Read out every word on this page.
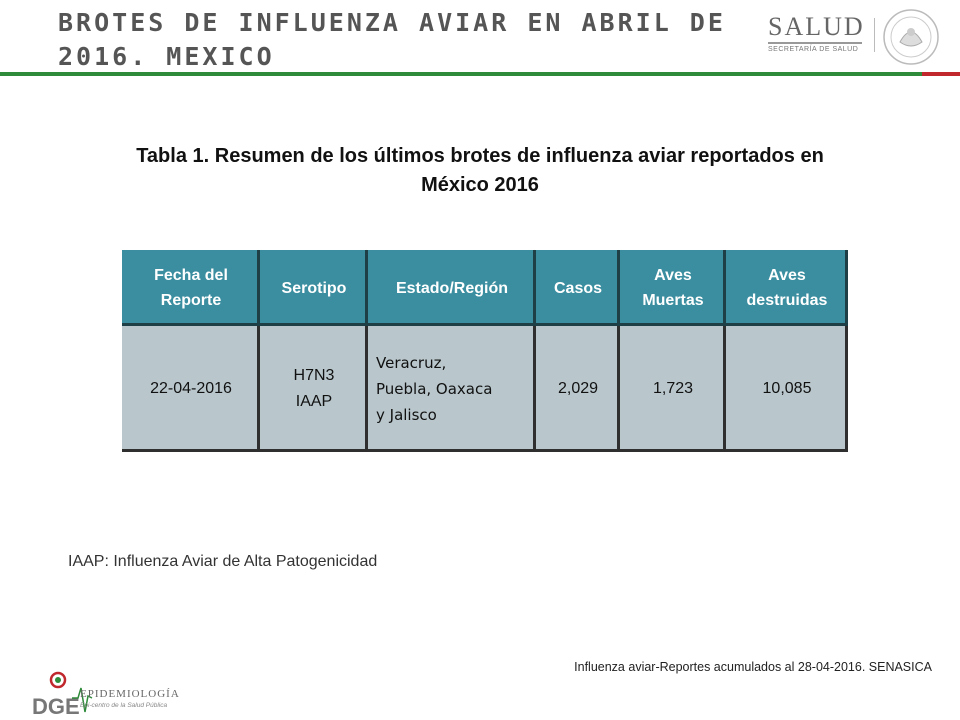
BROTES DE INFLUENZA AVIAR EN ABRIL DE 2016. MEXICO
SALUD
SECRETARÍA DE SALUD
Tabla 1. Resumen de los últimos brotes de influenza aviar reportados en México 2016
Fecha del Reporte	Serotipo	Estado/Región	Casos	Aves Muertas	Aves destruidas
22-04-2016	H7N3 IAAP	Veracruz, Puebla, Oaxaca y Jalisco	2,029	1,723	10,085
IAAP: Influenza Aviar de Alta Patogenicidad
Influenza aviar-Reportes acumulados al 28-04-2016. SENASICA
DGE EPIDEMIOLOGÍA
Epi-centro de la Salud Pública
